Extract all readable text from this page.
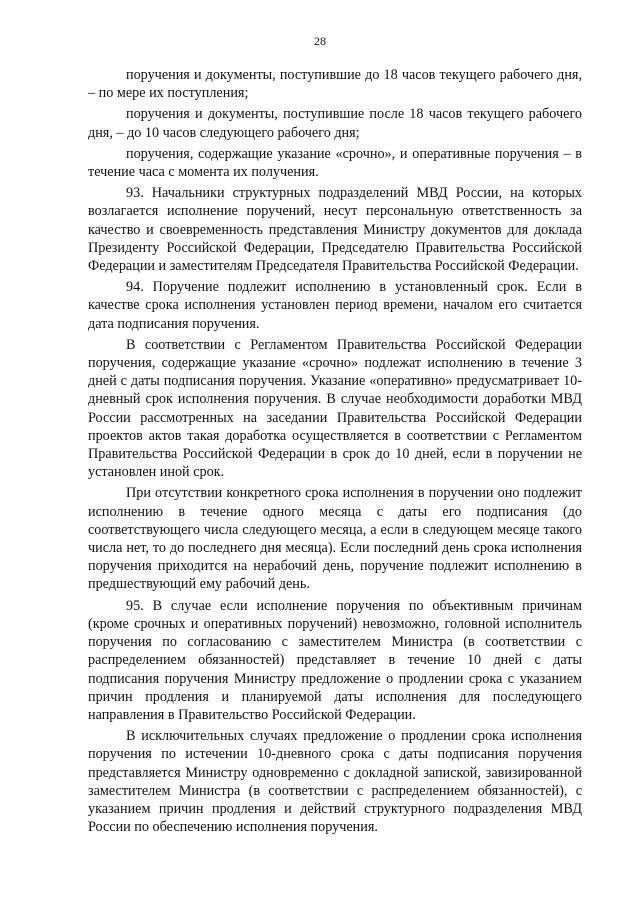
28

поручения и документы, поступившие до 18 часов текущего рабочего дня, – по мере их поступления;

поручения и документы, поступившие после 18 часов текущего рабочего дня, – до 10 часов следующего рабочего дня;

поручения, содержащие указание «срочно», и оперативные поручения – в течение часа с момента их получения.

93. Начальники структурных подразделений МВД России, на которых возлагается исполнение поручений, несут персональную ответственность за качество и своевременность представления Министру документов для доклада Президенту Российской Федерации, Председателю Правительства Российской Федерации и заместителям Председателя Правительства Российской Федерации.

94. Поручение подлежит исполнению в установленный срок. Если в качестве срока исполнения установлен период времени, началом его считается дата подписания поручения.

В соответствии с Регламентом Правительства Российской Федерации поручения, содержащие указание «срочно» подлежат исполнению в течение 3 дней с даты подписания поручения. Указание «оперативно» предусматривает 10-дневный срок исполнения поручения. В случае необходимости доработки МВД России рассмотренных на заседании Правительства Российской Федерации проектов актов такая доработка осуществляется в соответствии с Регламентом Правительства Российской Федерации в срок до 10 дней, если в поручении не установлен иной срок.

При отсутствии конкретного срока исполнения в поручении оно подлежит исполнению в течение одного месяца с даты его подписания (до соответствующего числа следующего месяца, а если в следующем месяце такого числа нет, то до последнего дня месяца). Если последний день срока исполнения поручения приходится на нерабочий день, поручение подлежит исполнению в предшествующий ему рабочий день.

95. В случае если исполнение поручения по объективным причинам (кроме срочных и оперативных поручений) невозможно, головной исполнитель поручения по согласованию с заместителем Министра (в соответствии с распределением обязанностей) представляет в течение 10 дней с даты подписания поручения Министру предложение о продлении срока с указанием причин продления и планируемой даты исполнения для последующего направления в Правительство Российской Федерации.

В исключительных случаях предложение о продлении срока исполнения поручения по истечении 10-дневного срока с даты подписания поручения представляется Министру одновременно с докладной запиской, завизированной заместителем Министра (в соответствии с распределением обязанностей), с указанием причин продления и действий структурного подразделения МВД России по обеспечению исполнения поручения.
